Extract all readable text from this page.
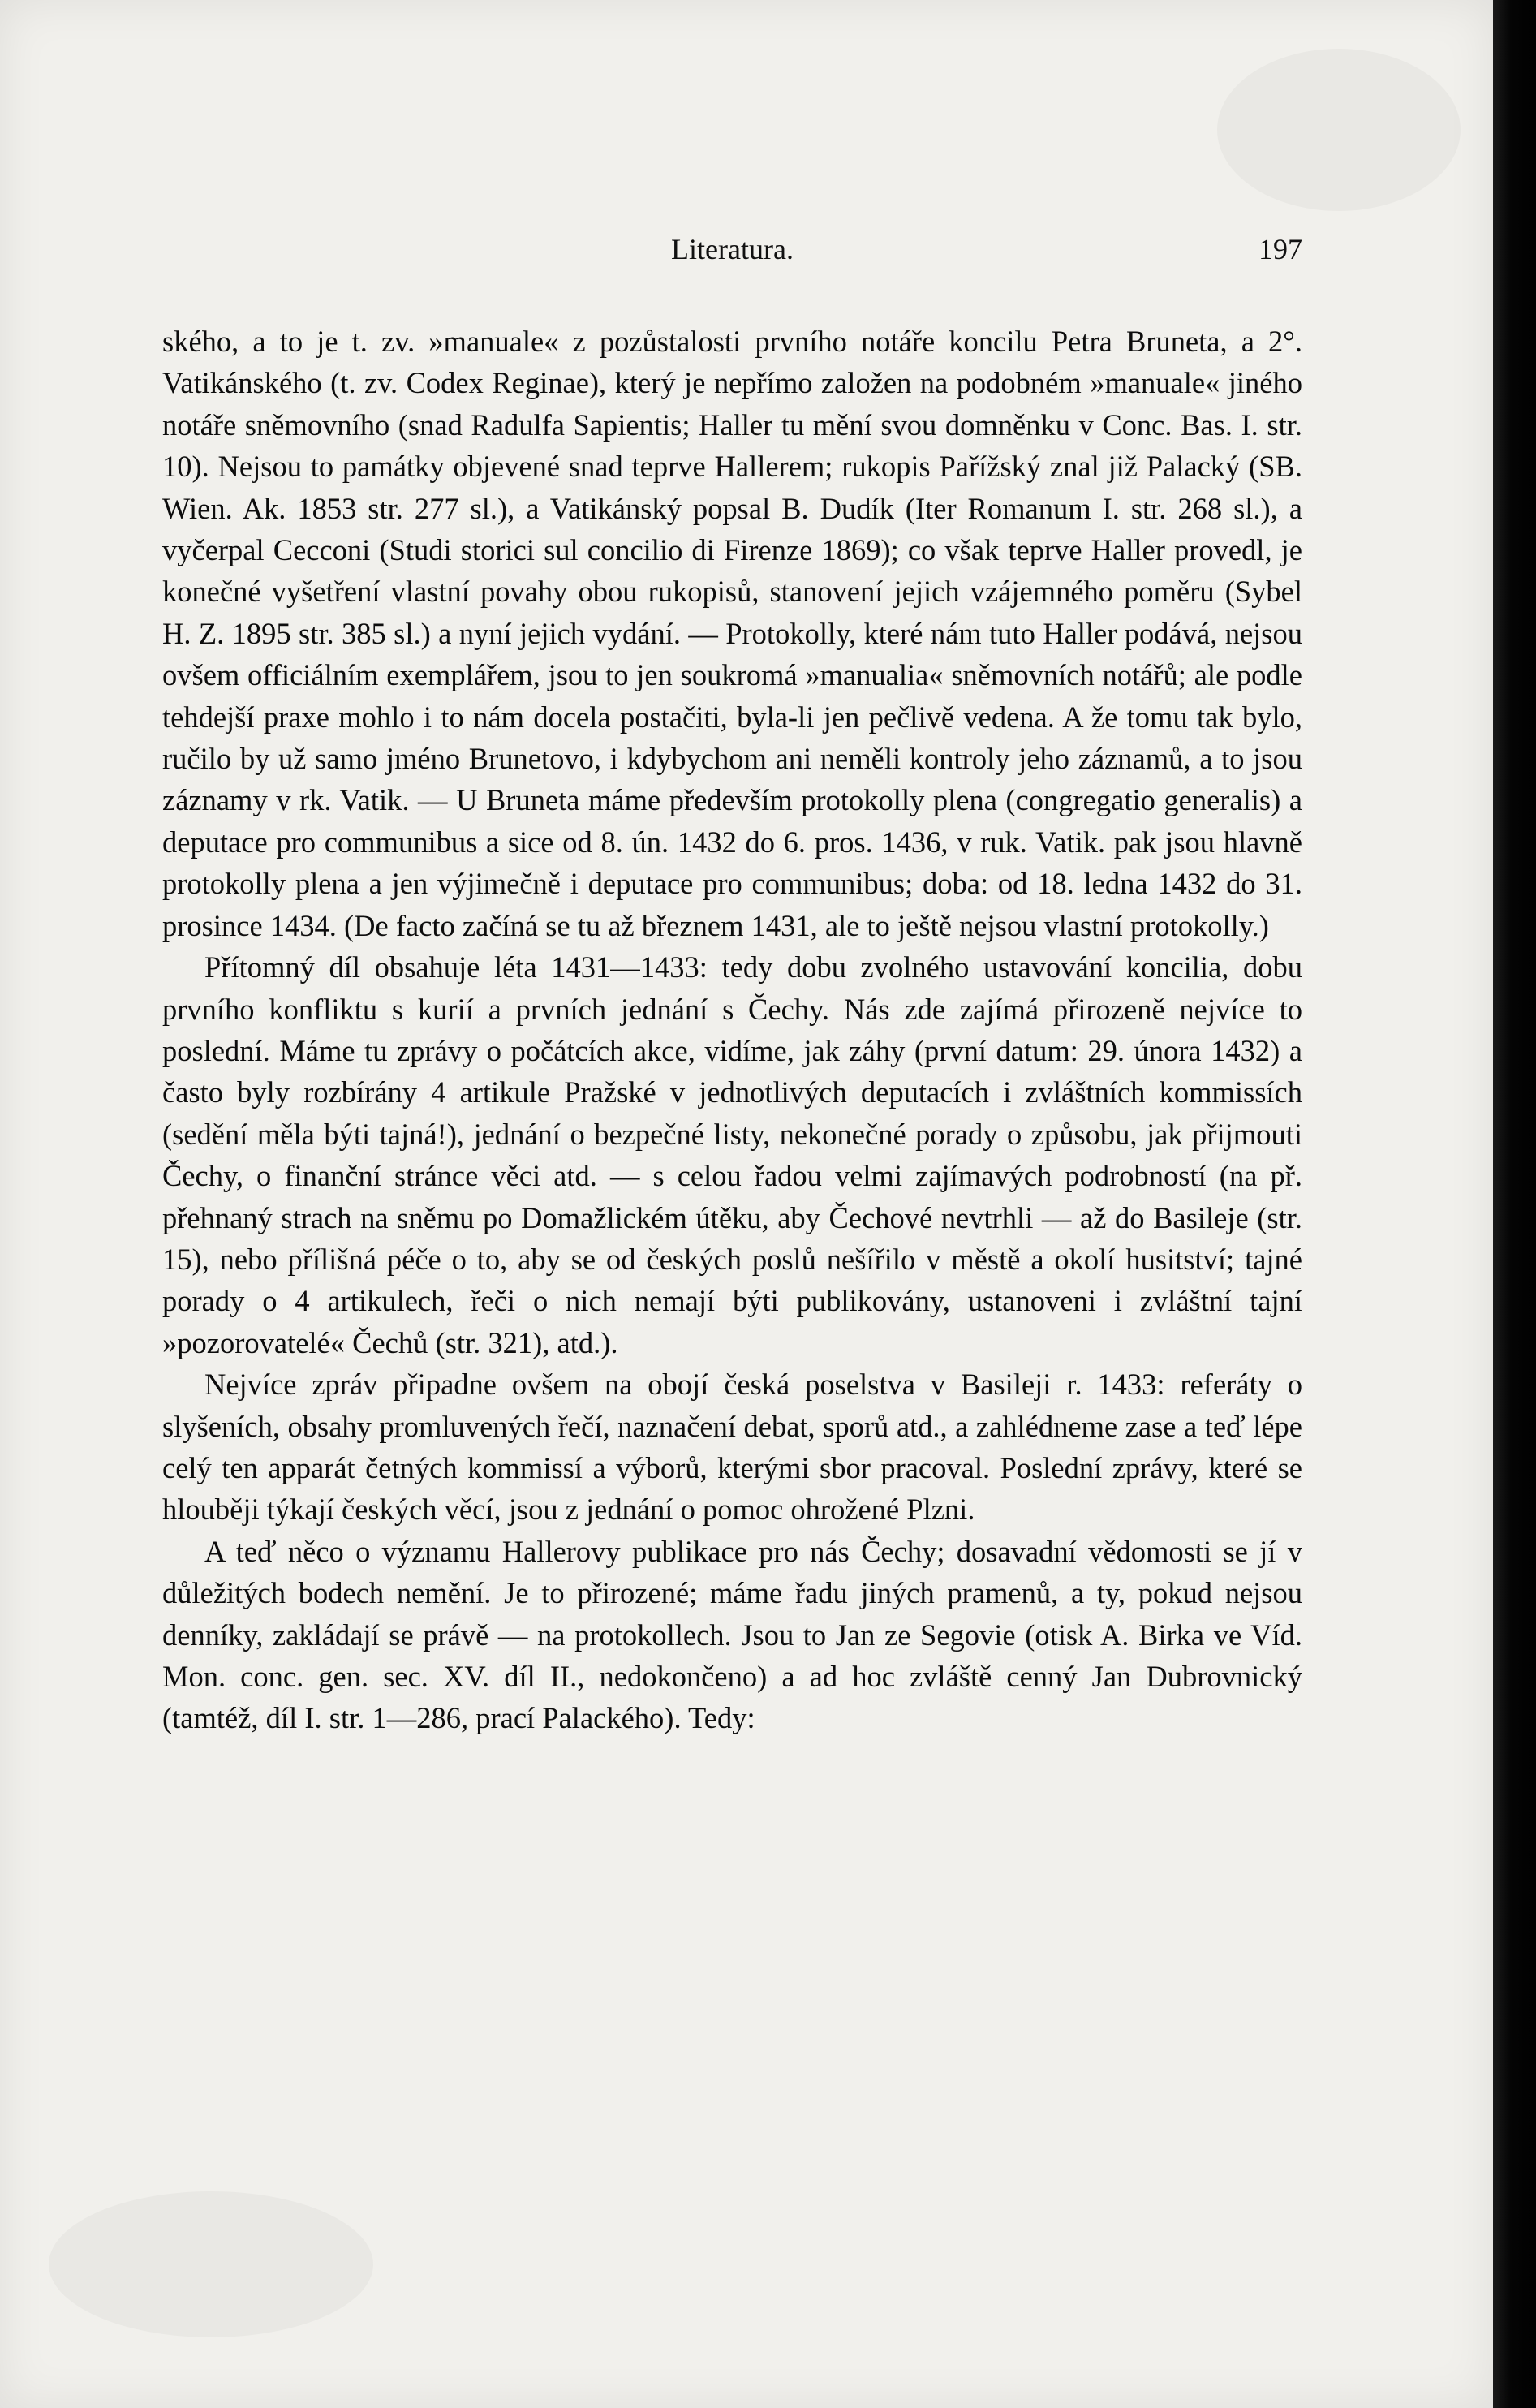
Literatura.	197

ského, a to je t. zv. »manuale« z pozůstalosti prvního notáře koncilu Petra Bruneta, a 2°. Vatikánského (t. zv. Codex Reginae), který je nepřímo založen na podobném »manuale« jiného notáře sněmovního (snad Radulfa Sapientis; Haller tu mění svou domněnku v Conc. Bas. I. str. 10). Nejsou to památky objevené snad teprve Hallerem; rukopis Pařížský znal již Palacký (SB. Wien. Ak. 1853 str. 277 sl.), a Vatikánský popsal B. Dudík (Iter Romanum I. str. 268 sl.), a vyčerpal Cecconi (Studi storici sul concilio di Firenze 1869); co však teprve Haller provedl, je konečné vyšetření vlastní povahy obou rukopisů, stanovení jejich vzájemného poměru (Sybel H. Z. 1895 str. 385 sl.) a nyní jejich vydání. — Protokolly, které nám tuto Haller podává, nejsou ovšem officiálním exemplářem, jsou to jen soukromá »manualia« sněmovních notářů; ale podle tehdejší praxe mohlo i to nám docela postačiti, byla-li jen pečlivě vedena. A že tomu tak bylo, ručilo by už samo jméno Brunetovo, i kdybychom ani neměli kontroly jeho záznamů, a to jsou záznamy v rk. Vatik. — U Bruneta máme především protokolly plena (congregatio generalis) a deputace pro communibus a sice od 8. ún. 1432 do 6. pros. 1436, v ruk. Vatik. pak jsou hlavně protokolly plena a jen výjimečně i deputace pro communibus; doba: od 18. ledna 1432 do 31. prosince 1434. (De facto začíná se tu až březnem 1431, ale to ještě nejsou vlastní protokolly.)

Přítomný díl obsahuje léta 1431—1433: tedy dobu zvolného ustavování koncilia, dobu prvního konfliktu s kurií a prvních jednání s Čechy. Nás zde zajímá přirozeně nejvíce to poslední. Máme tu zprávy o počátcích akce, vidíme, jak záhy (první datum: 29. února 1432) a často byly rozbírány 4 artikule Pražské v jednotlivých deputacích i zvláštních kommissích (sedění měla býti tajná!), jednání o bezpečné listy, nekonečné porady o způsobu, jak přijmouti Čechy, o finanční stránce věci atd. — s celou řadou velmi zajímavých podrobností (na př. přehnaný strach na sněmu po Domažlickém útěku, aby Čechové nevtrhli — až do Basileje (str. 15), nebo přílišná péče o to, aby se od českých poslů nešířilo v městě a okolí husitství; tajné porady o 4 artikulech, řeči o nich nemají býti publikovány, ustanoveni i zvláštní tajní »pozorovatelé« Čechů (str. 321), atd.).

Nejvíce zpráv připadne ovšem na obojí česká poselstva v Basileji r. 1433: referáty o slyšeních, obsahy promluvených řečí, naznačení debat, sporů atd., a zahlédneme zase a teď lépe celý ten apparát četných kommissí a výborů, kterými sbor pracoval. Poslední zprávy, které se hlouběji týkají českých věcí, jsou z jednání o pomoc ohrožené Plzni.

A teď něco o významu Hallerovy publikace pro nás Čechy; dosavadní vědomosti se jí v důležitých bodech nemění. Je to přirozené; máme řadu jiných pramenů, a ty, pokud nejsou denníky, zakládají se právě — na protokollech. Jsou to Jan ze Segovie (otisk A. Birka ve Víd. Mon. conc. gen. sec. XV. díl II., nedokončeno) a ad hoc zvláště cenný Jan Dubrovnický (tamtéž, díl I. str. 1—286, prací Palackého). Tedy:
